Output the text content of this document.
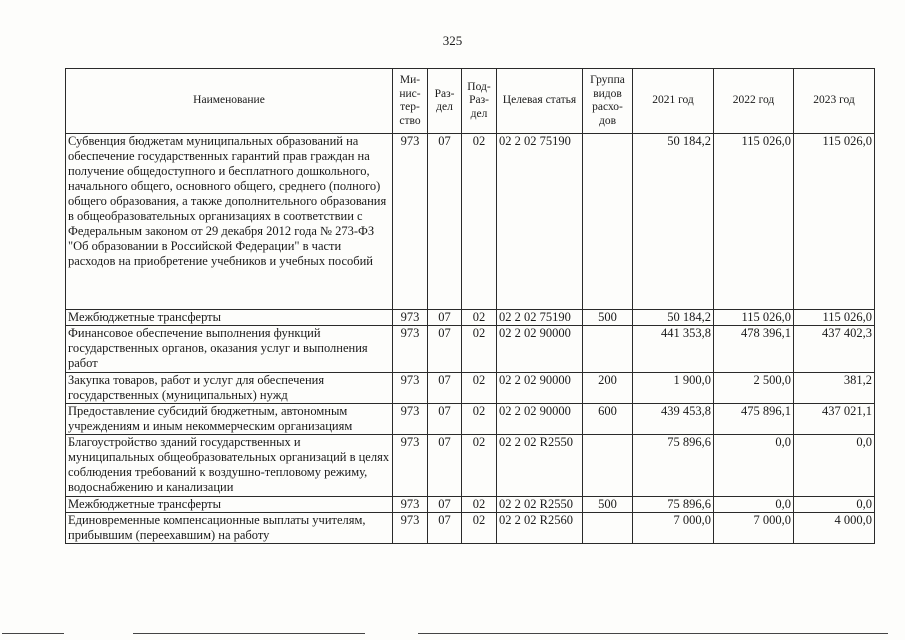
325
Наименование	Ми-нис-тер-ство	Раз-дел	Под-Раз-дел	Целевая статья	Группа видов расхо-дов	2021 год	2022 год	2023 год
Субвенция бюджетам муниципальных образований на обеспечение государственных гарантий прав граждан на получение общедоступного и бесплатного дошкольного, начального общего, основного общего, среднего (полного) общего образования, а также дополнительного образования в общеобразовательных организациях в соответствии с Федеральным законом от 29 декабря 2012 года № 273-ФЗ "Об образовании в Российской Федерации" в части расходов на приобретение учебников и учебных пособий	973	07	02	02 2 02 75190		50 184,2	115 026,0	115 026,0
Межбюджетные трансферты	973	07	02	02 2 02 75190	500	50 184,2	115 026,0	115 026,0
Финансовое обеспечение выполнения функций государственных органов, оказания услуг и выполнения работ	973	07	02	02 2 02 90000		441 353,8	478 396,1	437 402,3
Закупка товаров, работ и услуг для обеспечения государственных (муниципальных) нужд	973	07	02	02 2 02 90000	200	1 900,0	2 500,0	381,2
Предоставление субсидий бюджетным, автономным учреждениям и иным некоммерческим организациям	973	07	02	02 2 02 90000	600	439 453,8	475 896,1	437 021,1
Благоустройство зданий государственных и муниципальных общеобразовательных организаций в целях соблюдения требований к воздушно-тепловому режиму, водоснабжению и канализации	973	07	02	02 2 02 R2550		75 896,6	0,0	0,0
Межбюджетные трансферты	973	07	02	02 2 02 R2550	500	75 896,6	0,0	0,0
Единовременные компенсационные выплаты учителям, прибывшим (переехавшим) на работу	973	07	02	02 2 02 R2560		7 000,0	7 000,0	4 000,0
